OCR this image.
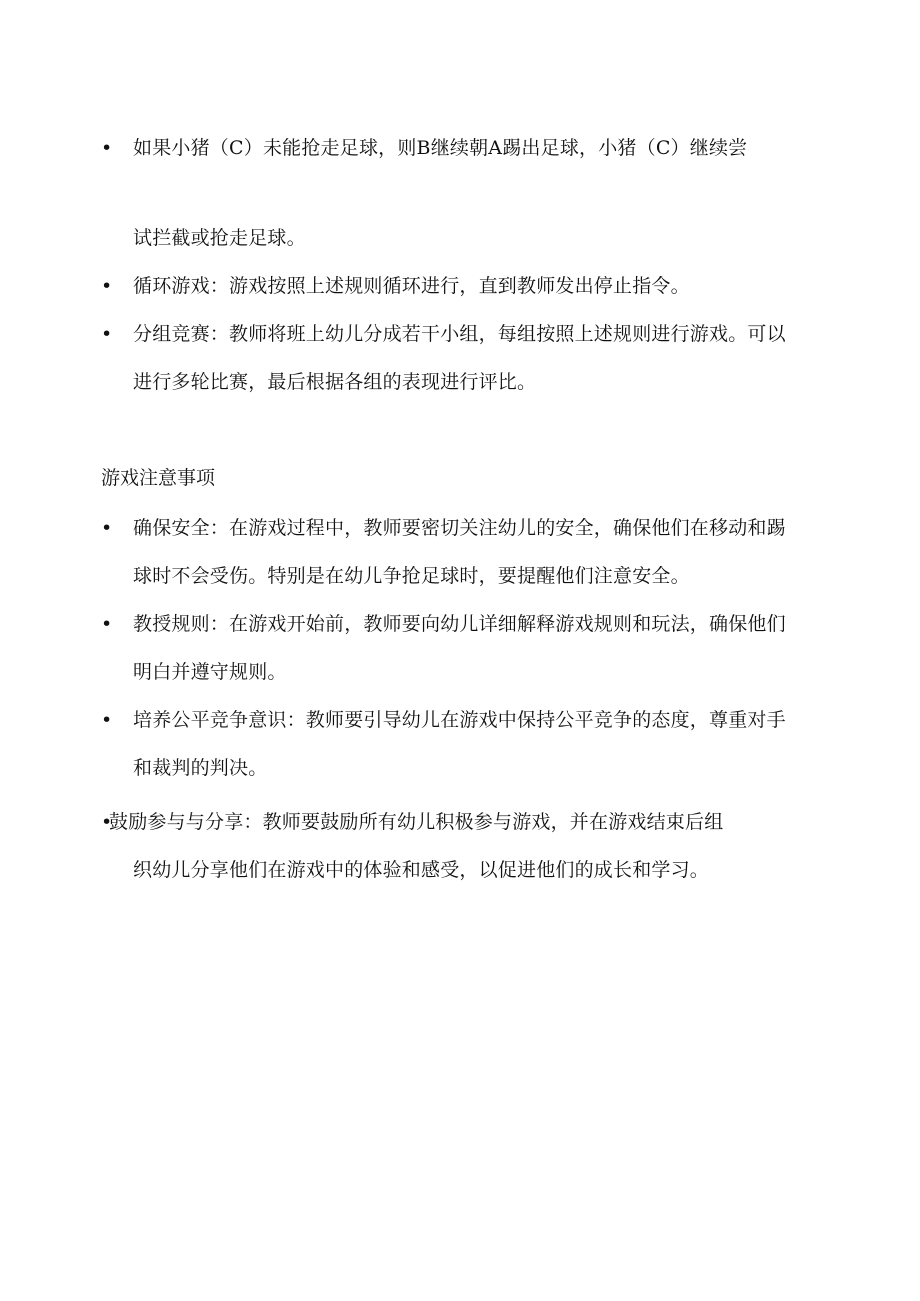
• 如果小猪（C）未能抢走足球，则B继续朝A踢出足球，小猪（C）继续尝
试拦截或抢走足球。
• 循环游戏：游戏按照上述规则循环进行，直到教师发出停止指令。
• 分组竞赛：教师将班上幼儿分成若干小组，每组按照上述规则进行游戏。可以
进行多轮比赛，最后根据各组的表现进行评比。
游戏注意事项
• 确保安全：在游戏过程中，教师要密切关注幼儿的安全，确保他们在移动和踢
球时不会受伤。特别是在幼儿争抢足球时，要提醒他们注意安全。
• 教授规则：在游戏开始前，教师要向幼儿详细解释游戏规则和玩法，确保他们
明白并遵守规则。
• 培养公平竞争意识：教师要引导幼儿在游戏中保持公平竞争的态度，尊重对手
和裁判的判决。
•
鼓励参与与分享：教师要鼓励所有幼儿积极参与游戏，并在游戏结束后组
织幼儿分享他们在游戏中的体验和感受，以促进他们的成长和学习。
